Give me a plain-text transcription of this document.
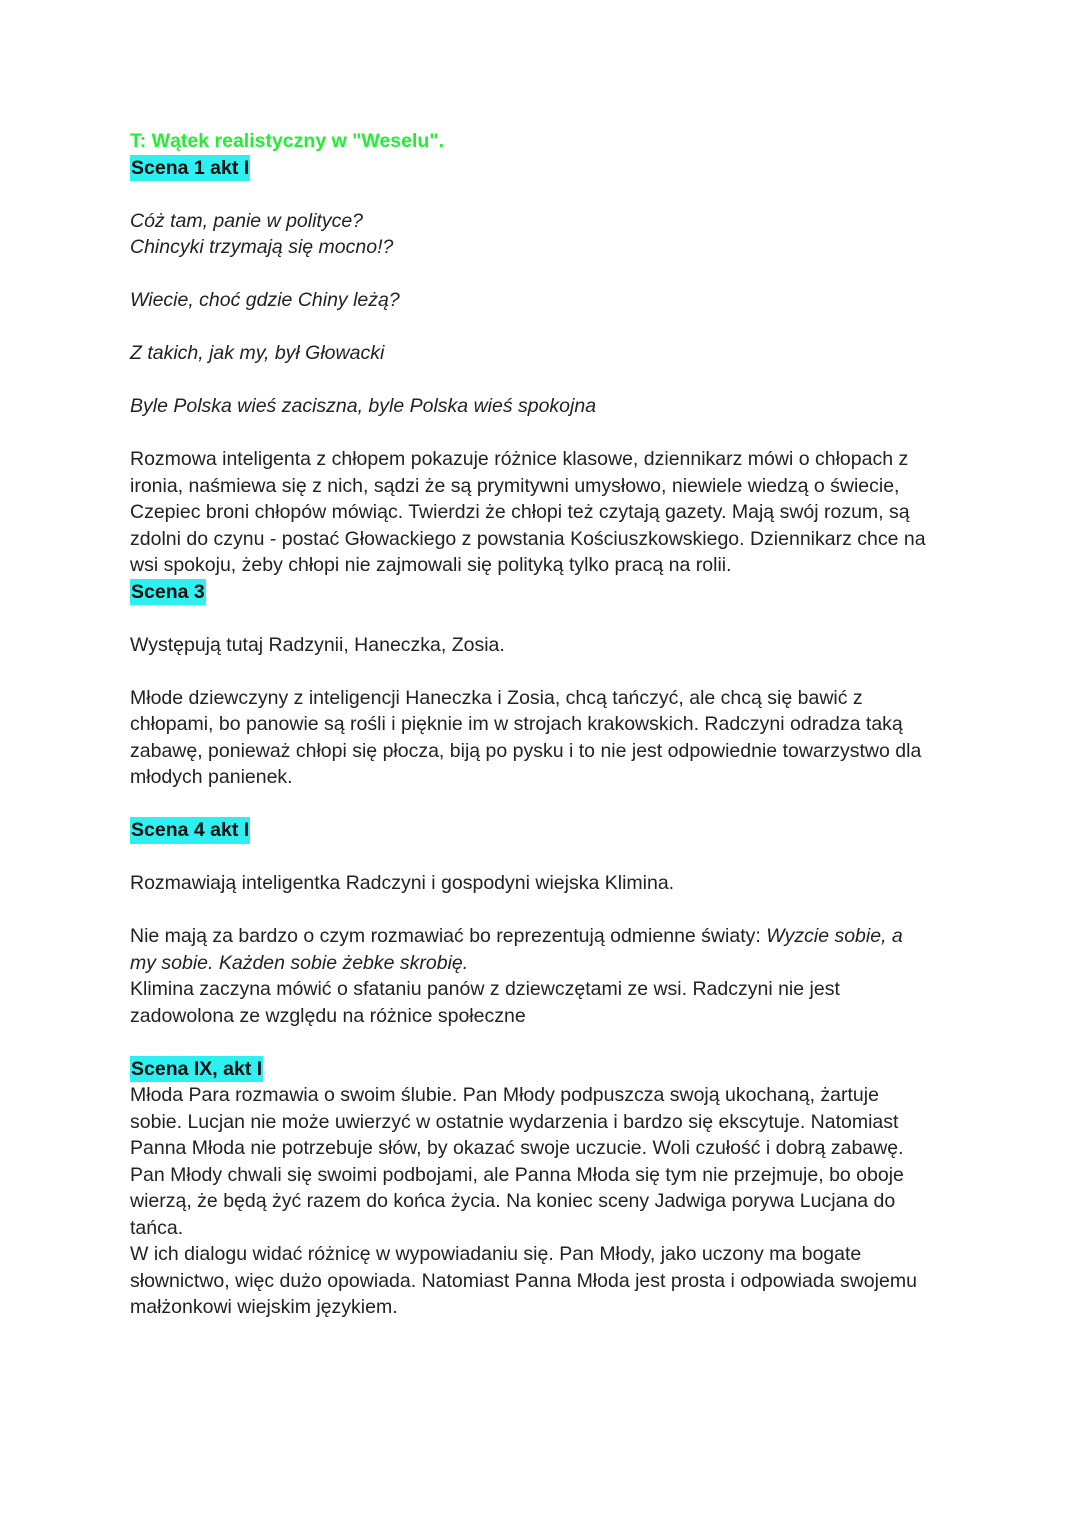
T: Wątek realistyczny w "Weselu".

Scena 1 akt I

Cóż tam, panie w polityce?

Chincyki trzymają się mocno!?

Wiecie, choć gdzie Chiny leżą?

Z takich, jak my, był Głowacki

Byle Polska wieś zaciszna, byle Polska wieś spokojna

Rozmowa inteligenta z chłopem pokazuje różnice klasowe, dziennikarz mówi o chłopach z

ironia, naśmiewa się z nich, sądzi że są prymitywni umysłowo, niewiele wiedzą o świecie,

Czepiec broni chłopów mówiąc. Twierdzi że chłopi też czytają gazety. Mają swój rozum, są

zdolni do czynu - postać Głowackiego z powstania Kościuszkowskiego. Dziennikarz chce na

wsi spokoju, żeby chłopi nie zajmowali się polityką tylko pracą na rolii.

Scena 3

Występują tutaj Radzynii, Haneczka, Zosia.

Młode dziewczyny z inteligencji Haneczka i Zosia, chcą tańczyć, ale chcą się bawić z

chłopami, bo panowie są rośli i pięknie im w strojach krakowskich. Radczyni odradza taką

zabawę, ponieważ chłopi się płocza, biją po pysku i to nie jest odpowiednie towarzystwo dla

młodych panienek.

Scena 4 akt I

Rozmawiają inteligentka Radczyni i gospodyni wiejska Klimina.

Nie mają za bardzo o czym rozmawiać bo reprezentują odmienne światy: Wyzcie sobie, a

my sobie. Każden sobie żebke skrobię.

Klimina zaczyna mówić o sfataniu panów z dziewczętami ze wsi. Radczyni nie jest

zadowolona ze względu na różnice społeczne

Scena IX, akt I

Młoda Para rozmawia o swoim ślubie. Pan Młody podpuszcza swoją ukochaną, żartuje

sobie. Lucjan nie może uwierzyć w ostatnie wydarzenia i bardzo się ekscytuje. Natomiast

Panna Młoda nie potrzebuje słów, by okazać swoje uczucie. Woli czułość i dobrą zabawę.

Pan Młody chwali się swoimi podbojami, ale Panna Młoda się tym nie przejmuje, bo oboje

wierzą, że będą żyć razem do końca życia. Na koniec sceny Jadwiga porywa Lucjana do

tańca.

W ich dialogu widać różnicę w wypowiadaniu się. Pan Młody, jako uczony ma bogate

słownictwo, więc dużo opowiada. Natomiast Panna Młoda jest prosta i odpowiada swojemu

małżonkowi wiejskim językiem.
